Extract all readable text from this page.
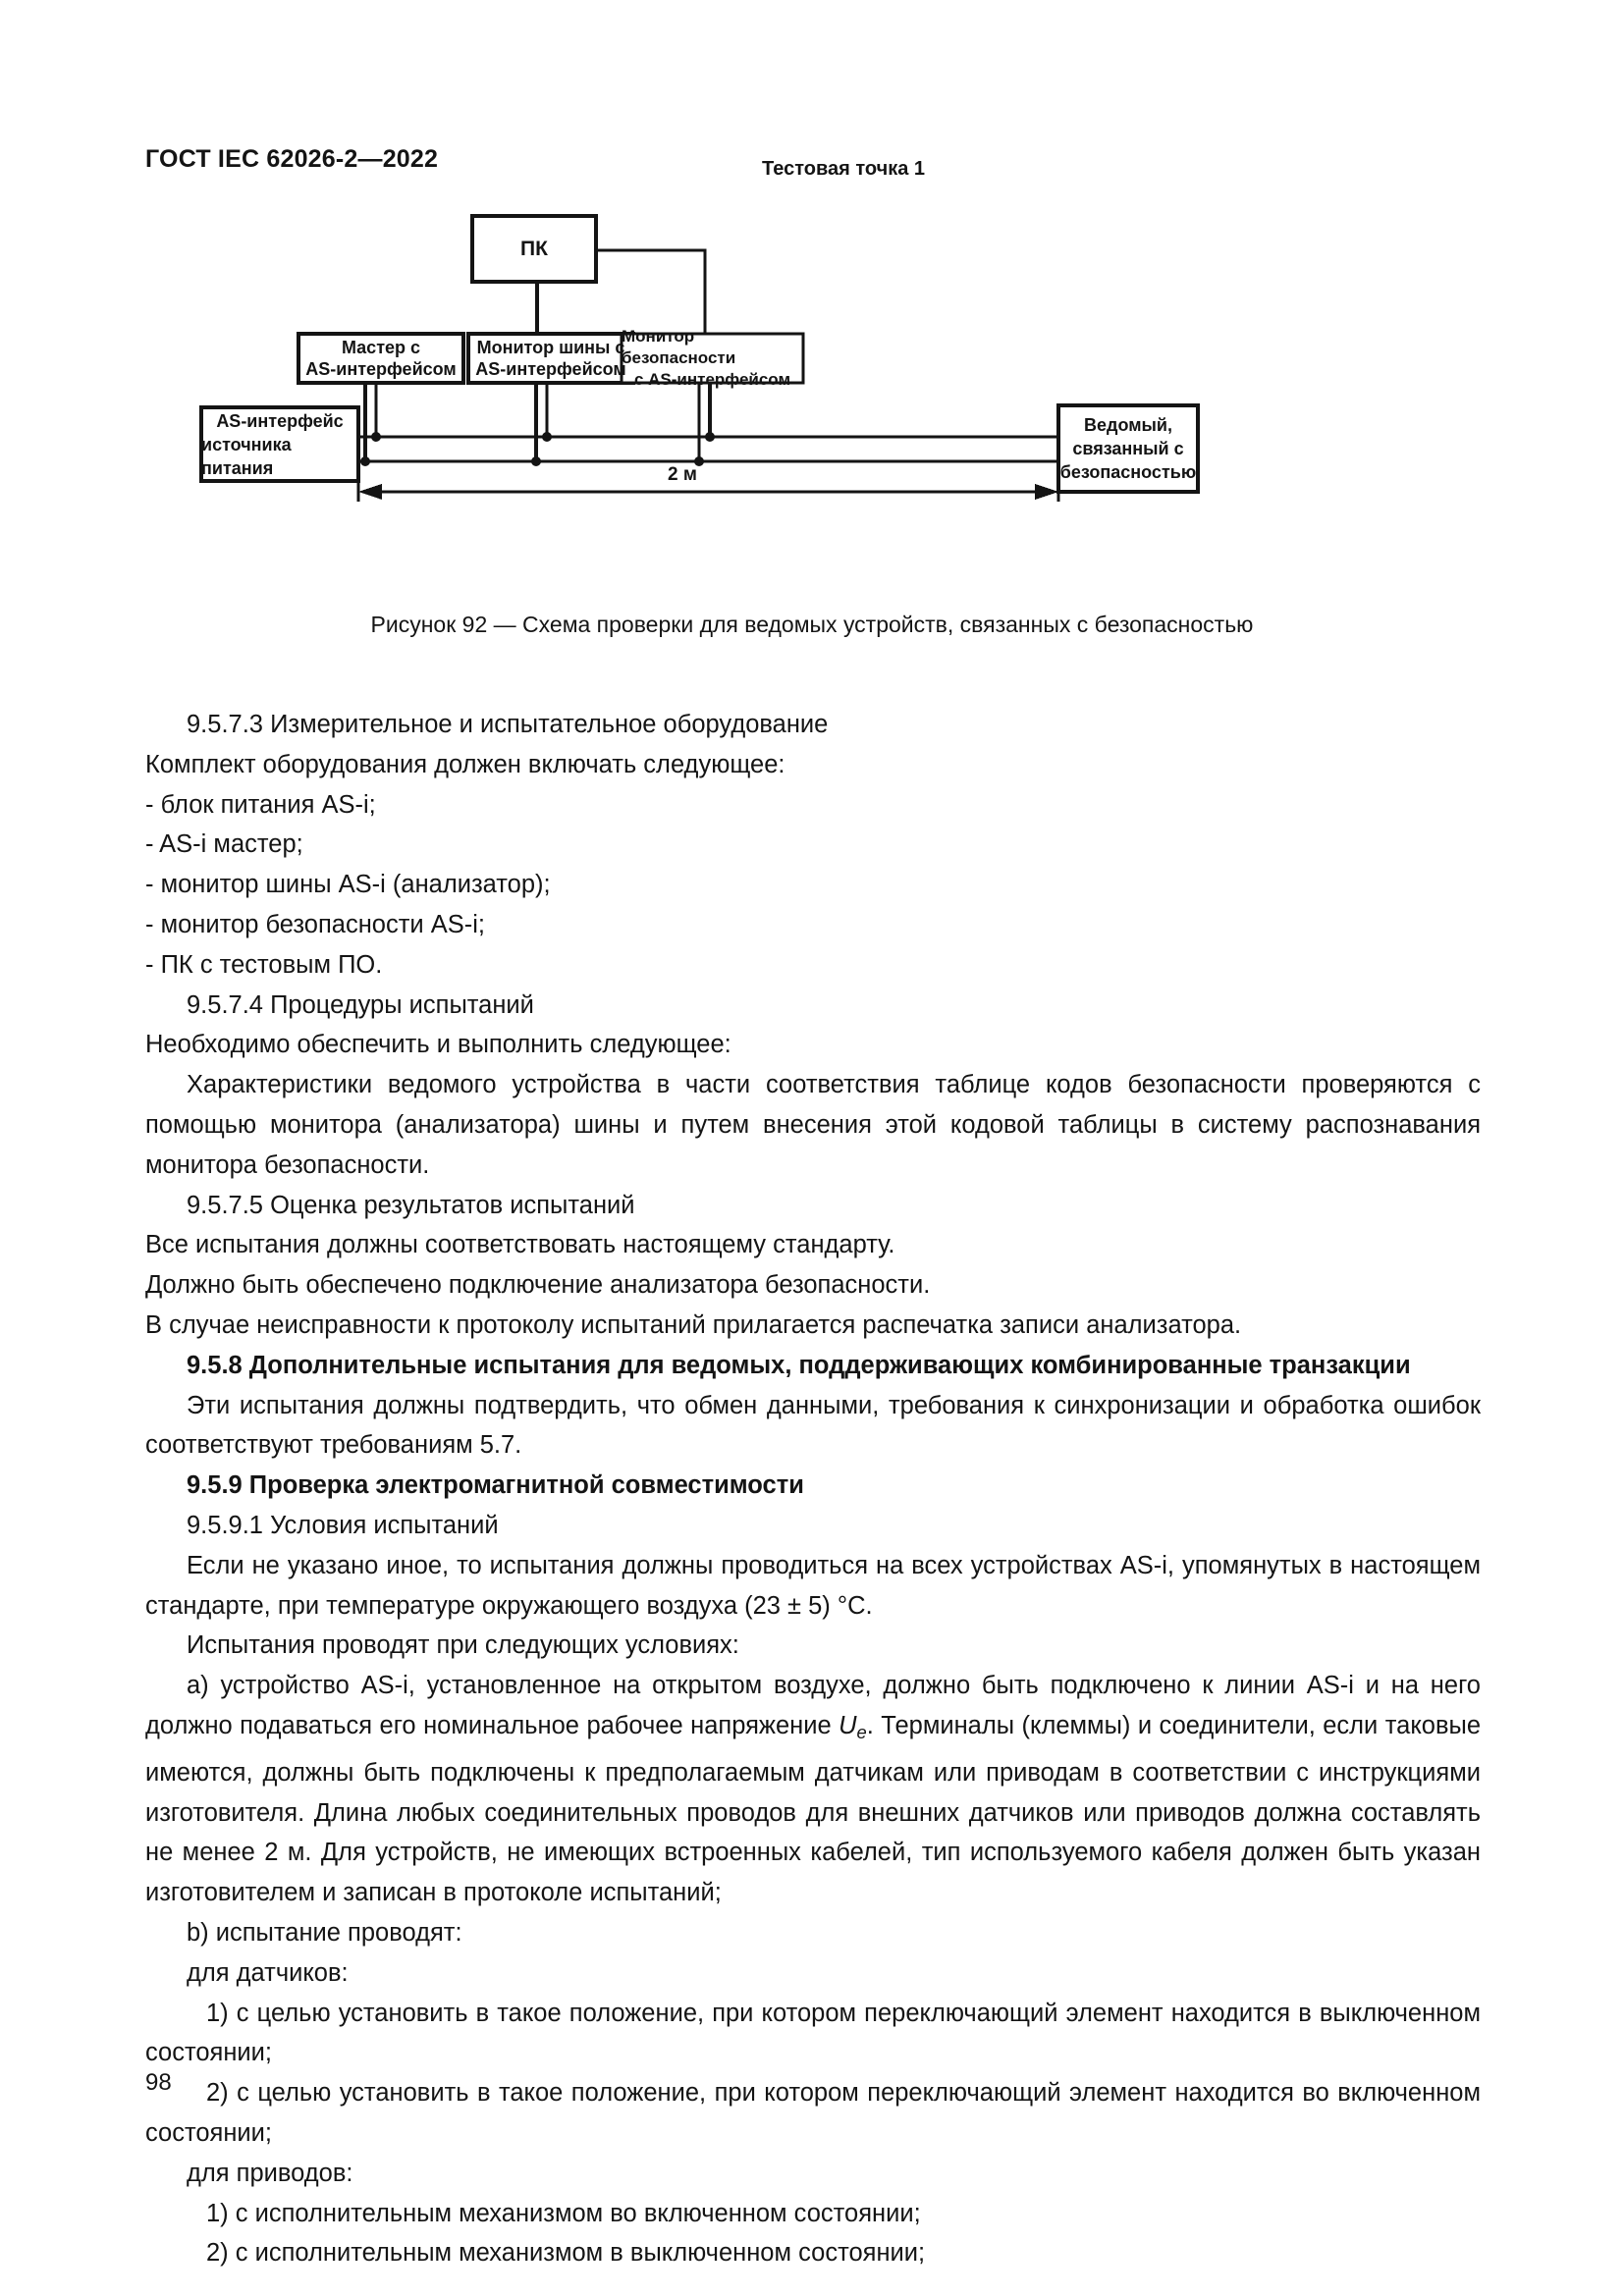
ГОСТ IEC 62026-2—2022	Тестовая точка 1
ПК
Мастер с
AS-интерфейсом
Монитор шины с
AS-интерфейсом
Монитор безопасности
с AS-интерфейсом
AS-интерфейс
источника питания
Ведомый,
связанный с
безопасностью
2 м
Рисунок 92 — Схема проверки для ведомых устройств, связанных с безопасностью

9.5.7.3 Измерительное и испытательное оборудование

Комплект оборудования должен включать следующее:

- блок питания AS-i;

- AS-i мастер;

- монитор шины AS-i (анализатор);

- монитор безопасности AS-i;

- ПК с тестовым ПО.

9.5.7.4 Процедуры испытаний

Необходимо обеспечить и выполнить следующее:

Характеристики ведомого устройства в части соответствия таблице кодов безопасности проверяются с помощью монитора (анализатора) шины и путем внесения этой кодовой таблицы в систему распознавания монитора безопасности.

9.5.7.5 Оценка результатов испытаний

Все испытания должны соответствовать настоящему стандарту.

Должно быть обеспечено подключение анализатора безопасности.

В случае неисправности к протоколу испытаний прилагается распечатка записи анализатора.

9.5.8 Дополнительные испытания для ведомых, поддерживающих комбинированные транзакции

Эти испытания должны подтвердить, что обмен данными, требования к синхронизации и обработка ошибок соответствуют требованиям 5.7.

9.5.9 Проверка электромагнитной совместимости

9.5.9.1 Условия испытаний

Если не указано иное, то испытания должны проводиться на всех устройствах AS-i, упомянутых в настоящем стандарте, при температуре окружающего воздуха (23 ± 5) °С.

Испытания проводят при следующих условиях:

а) устройство AS-i, установленное на открытом воздухе, должно быть подключено к линии AS-i и на него должно подаваться его номинальное рабочее напряжение $U_e$. Терминалы (клеммы) и соединители, если таковые имеются, должны быть подключены к предполагаемым датчикам или приводам в соответствии с инструкциями изготовителя. Длина любых соединительных проводов для внешних датчиков или приводов должна составлять не менее 2 м. Для устройств, не имеющих встроенных кабелей, тип используемого кабеля должен быть указан изготовителем и записан в протоколе испытаний;

b) испытание проводят:

для датчиков:

1) с целью установить в такое положение, при котором переключающий элемент находится в выключенном состоянии;

2) с целью установить в такое положение, при котором переключающий элемент находится во включенном состоянии;

для приводов:

1) с исполнительным механизмом во включенном состоянии;

2) с исполнительным механизмом в выключенном состоянии;

98
